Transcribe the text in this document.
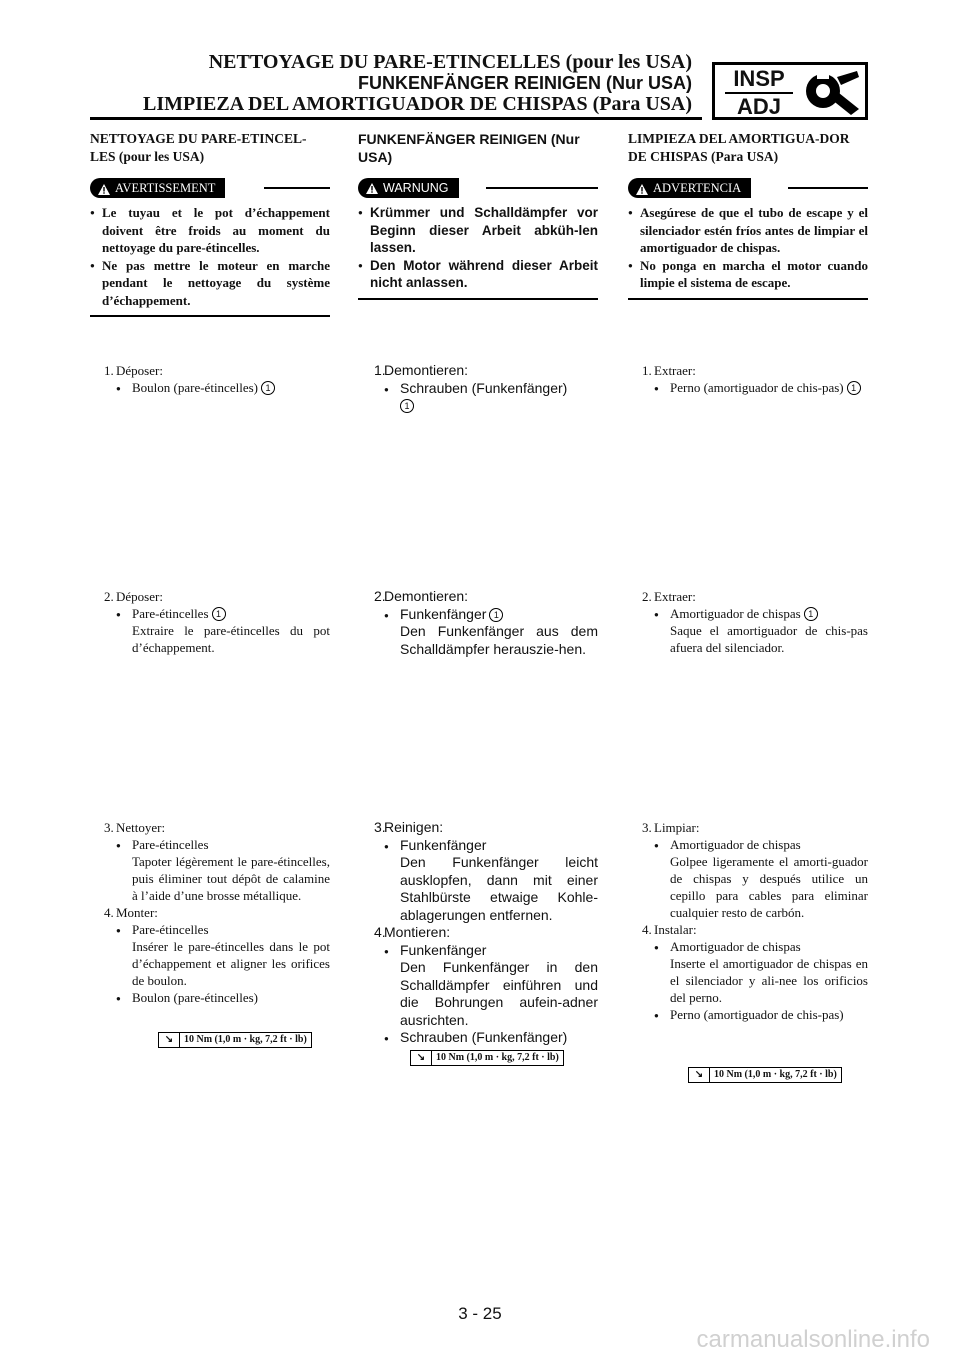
NETTOYAGE DU PARE-ETINCELLES (pour les USA)
FUNKENFÄNGER REINIGEN (Nur USA)
LIMPIEZA DEL AMORTIGUADOR DE CHISPAS (Para USA)
INSP
ADJ

NETTOYAGE DU PARE-ETINCEL-LES (pour les USA)

AVERTISSEMENT
● Le tuyau et le pot d’échappement doivent être froids au moment du nettoyage du pare-étincelles.
● Ne pas mettre le moteur en marche pendant le nettoyage du système d’échappement.
1. Déposer:
● Boulon (pare-étincelles) 1
2. Déposer:
● Pare-étincelles 1
Extraire le pare-étincelles du pot d’échappement.
3. Nettoyer:
● Pare-étincelles
Tapoter légèrement le pare-étincelles, puis éliminer tout dépôt de calamine à l’aide d’une brosse métallique.
4. Monter:
● Pare-étincelles
Insérer le pare-étincelles dans le pot d’échappement et aligner les orifices de boulon.
● Boulon (pare-étincelles)
↘	10 Nm (1,0 m · kg, 7,2 ft · lb)

FUNKENFÄNGER REINIGEN (Nur USA)

WARNUNG
● Krümmer und Schalldämpfer vor Beginn dieser Arbeit abküh-len lassen.
● Den Motor während dieser Arbeit nicht anlassen.
1.
Demontieren:
● Schrauben (Funkenfänger)
1
2.
Demontieren:
● Funkenfänger 1
Den Funkenfänger aus dem Schalldämpfer herauszie-hen.
3.
Reinigen:
● Funkenfänger
Den Funkenfänger leicht ausklopfen, dann mit einer Stahlbürste etwaige Kohle-ablagerungen entfernen.
4.
Montieren:
● Funkenfänger
Den Funkenfänger in den Schalldämpfer einführen und die Bohrungen aufein-adner ausrichten.
● Schrauben (Funkenfänger)
↘	10 Nm (1,0 m · kg, 7,2 ft · lb)

LIMPIEZA DEL AMORTIGUA-DOR DE CHISPAS (Para USA)

ADVERTENCIA
● Asegúrese de que el tubo de escape y el silenciador estén fríos antes de limpiar el amortiguador de chispas.
● No ponga en marcha el motor cuando limpie el sistema de escape.
1. Extraer:
● Perno (amortiguador de chis-pas) 1
2. Extraer:
● Amortiguador de chispas 1
Saque el amortiguador de chis-pas afuera del silenciador.
3. Limpiar:
● Amortiguador de chispas
Golpee ligeramente el amorti-guador de chispas y después utilice un cepillo para cables para eliminar cualquier resto de carbón.
4. Instalar:
● Amortiguador de chispas
Inserte el amortiguador de chispas en el silenciador y ali-nee los orificios del perno.
● Perno (amortiguador de chis-pas)
↘	10 Nm (1,0 m · kg, 7,2 ft · lb)
3 - 25
carmanualsonline.info
